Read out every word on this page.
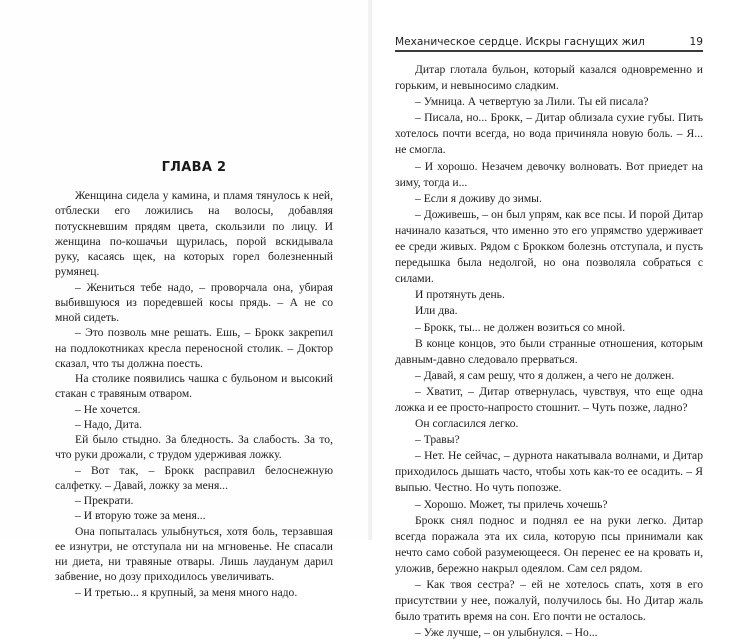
ГЛАВА 2

Женщина сидела у камина, и пламя тянулось к ней, отблески его ложились на волосы, добавляя потускневшим прядям цвета, скользили по лицу. И женщина по-кошачьи щурилась, порой вскидывала руку, касаясь щек, на которых горел болезненный румянец.

– Жениться тебе надо, – проворчала она, убирая выбившуюся из поредевшей косы прядь. – А не со мной сидеть.

– Это позволь мне решать. Ешь, – Брокк закрепил на подлокотниках кресла переносной столик. – Доктор сказал, что ты должна поесть.

На столике появились чашка с бульоном и высокий стакан с травяным отваром.

– Не хочется.

– Надо, Дита.

Ей было стыдно. За бледность. За слабость. За то, что руки дрожали, с трудом удерживая ложку.

– Вот так, – Брокк расправил белоснежную салфетку. – Давай, ложку за меня...

– Прекрати.

– И вторую тоже за меня...

Она попыталась улыбнуться, хотя боль, терзавшая ее изнутри, не отступала ни на мгновенье. Не спасали ни диета, ни травяные отвары. Лишь лауданум дарил забвение, но дозу приходилось увеличивать.

– И третью... я крупный, за меня много надо.

Механическое сердце. Искры гаснущих жил	19

Дитар глотала бульон, который казался одновременно и горьким, и невыносимо сладким.

– Умница. А четвертую за Лили. Ты ей писала?

– Писала, но... Брокк, – Дитар облизала сухие губы. Пить хотелось почти всегда, но вода причиняла новую боль. – Я... не смогла.

– И хорошо. Незачем девочку волновать. Вот приедет на зиму, тогда и...

– Если я доживу до зимы.

– Доживешь, – он был упрям, как все псы. И порой Дитар начинало казаться, что именно это его упрямство удерживает ее среди живых. Рядом с Брокком болезнь отступала, и пусть передышка была недолгой, но она позволяла собраться с силами.

И протянуть день.

Или два.

– Брокк, ты... не должен возиться со мной.

В конце концов, это были странные отношения, которым давным-давно следовало прерваться.

– Давай, я сам решу, что я должен, а чего не должен.

– Хватит, – Дитар отвернулась, чувствуя, что еще одна ложка и ее просто-напросто стошнит. – Чуть позже, ладно?

Он согласился легко.

– Травы?

– Нет. Не сейчас, – дурнота накатывала волнами, и Дитар приходилось дышать часто, чтобы хоть как-то ее осадить. – Я выпью. Честно. Но чуть попозже.

– Хорошо. Может, ты прилечь хочешь?

Брокк снял поднос и поднял ее на руки легко. Дитар всегда поражала эта их сила, которую псы принимали как нечто само собой разумеющееся. Он перенес ее на кровать и, уложив, бережно накрыл одеялом. Сам сел рядом.

– Как твоя сестра? – ей не хотелось спать, хотя в его присутствии у нее, пожалуй, получилось бы. Но Дитар жаль было тратить время на сон. Его почти не осталось.

– Уже лучше, – он улыбнулся. – Но...
